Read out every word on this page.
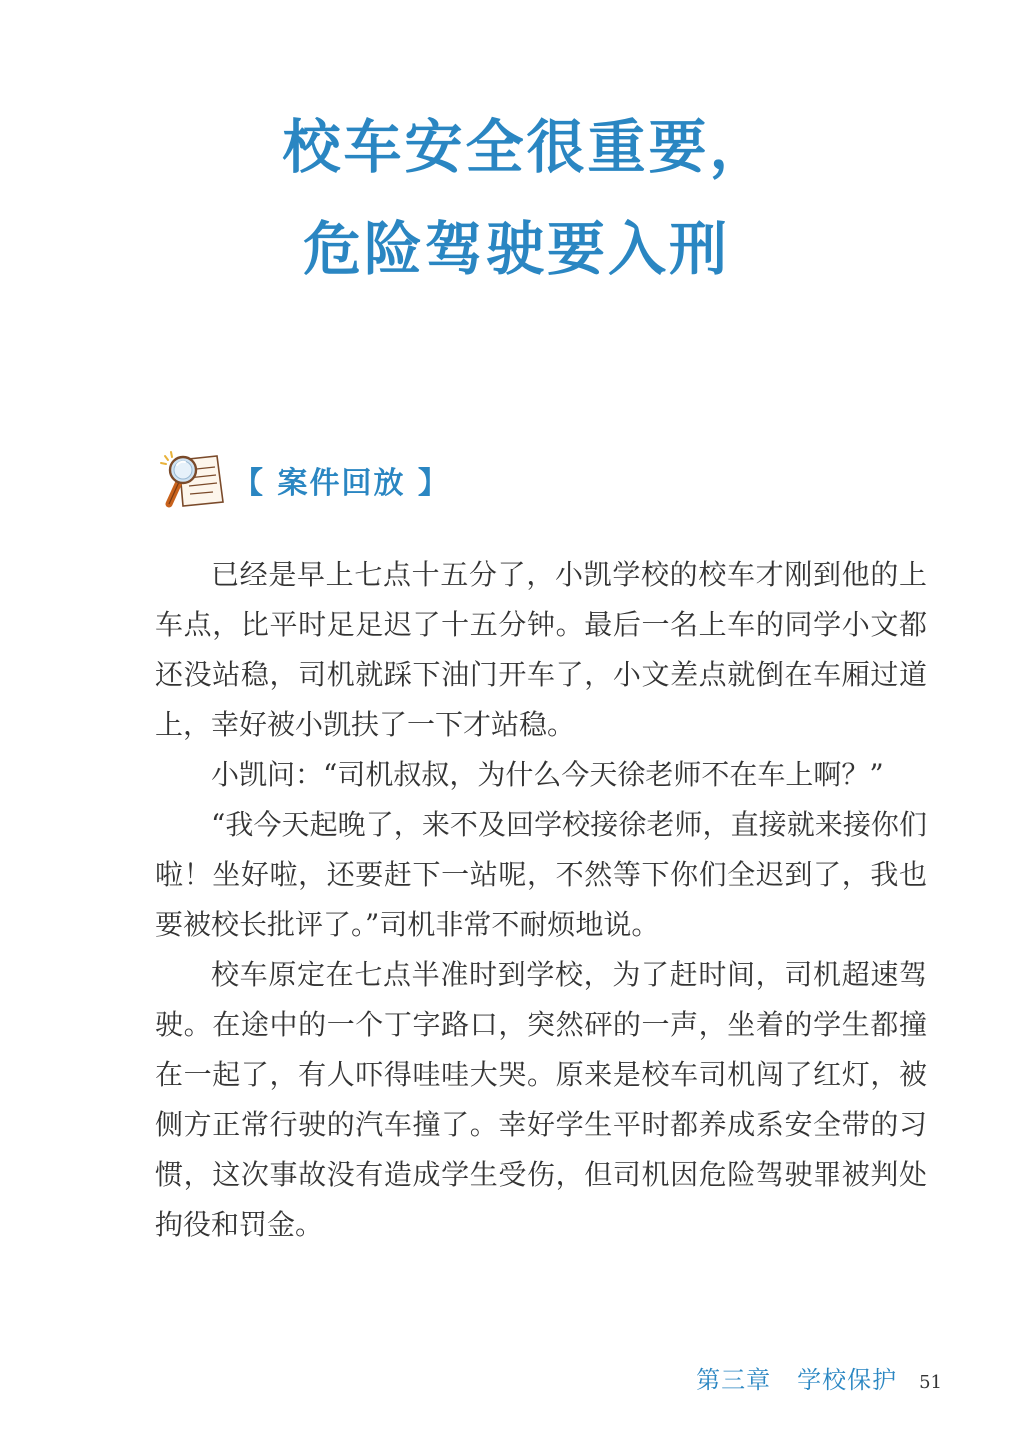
校车安全很重要，
危险驾驶要入刑
【 案件回放 】

已经是早上七点十五分了，小凯学校的校车才刚到他的上车点，比平时足足迟了十五分钟。最后一名上车的同学小文都还没站稳，司机就踩下油门开车了，小文差点就倒在车厢过道上，幸好被小凯扶了一下才站稳。

小凯问：“司机叔叔，为什么今天徐老师不在车上啊？”

“我今天起晚了，来不及回学校接徐老师，直接就来接你们啦！坐好啦，还要赶下一站呢，不然等下你们全迟到了，我也要被校长批评了。”司机非常不耐烦地说。

校车原定在七点半准时到学校，为了赶时间，司机超速驾驶。在途中的一个丁字路口，突然砰的一声，坐着的学生都撞在一起了，有人吓得哇哇大哭。原来是校车司机闯了红灯，被侧方正常行驶的汽车撞了。幸好学生平时都养成系安全带的习惯，这次事故没有造成学生受伤，但司机因危险驾驶罪被判处拘役和罚金。

第三章 学校保护 51
